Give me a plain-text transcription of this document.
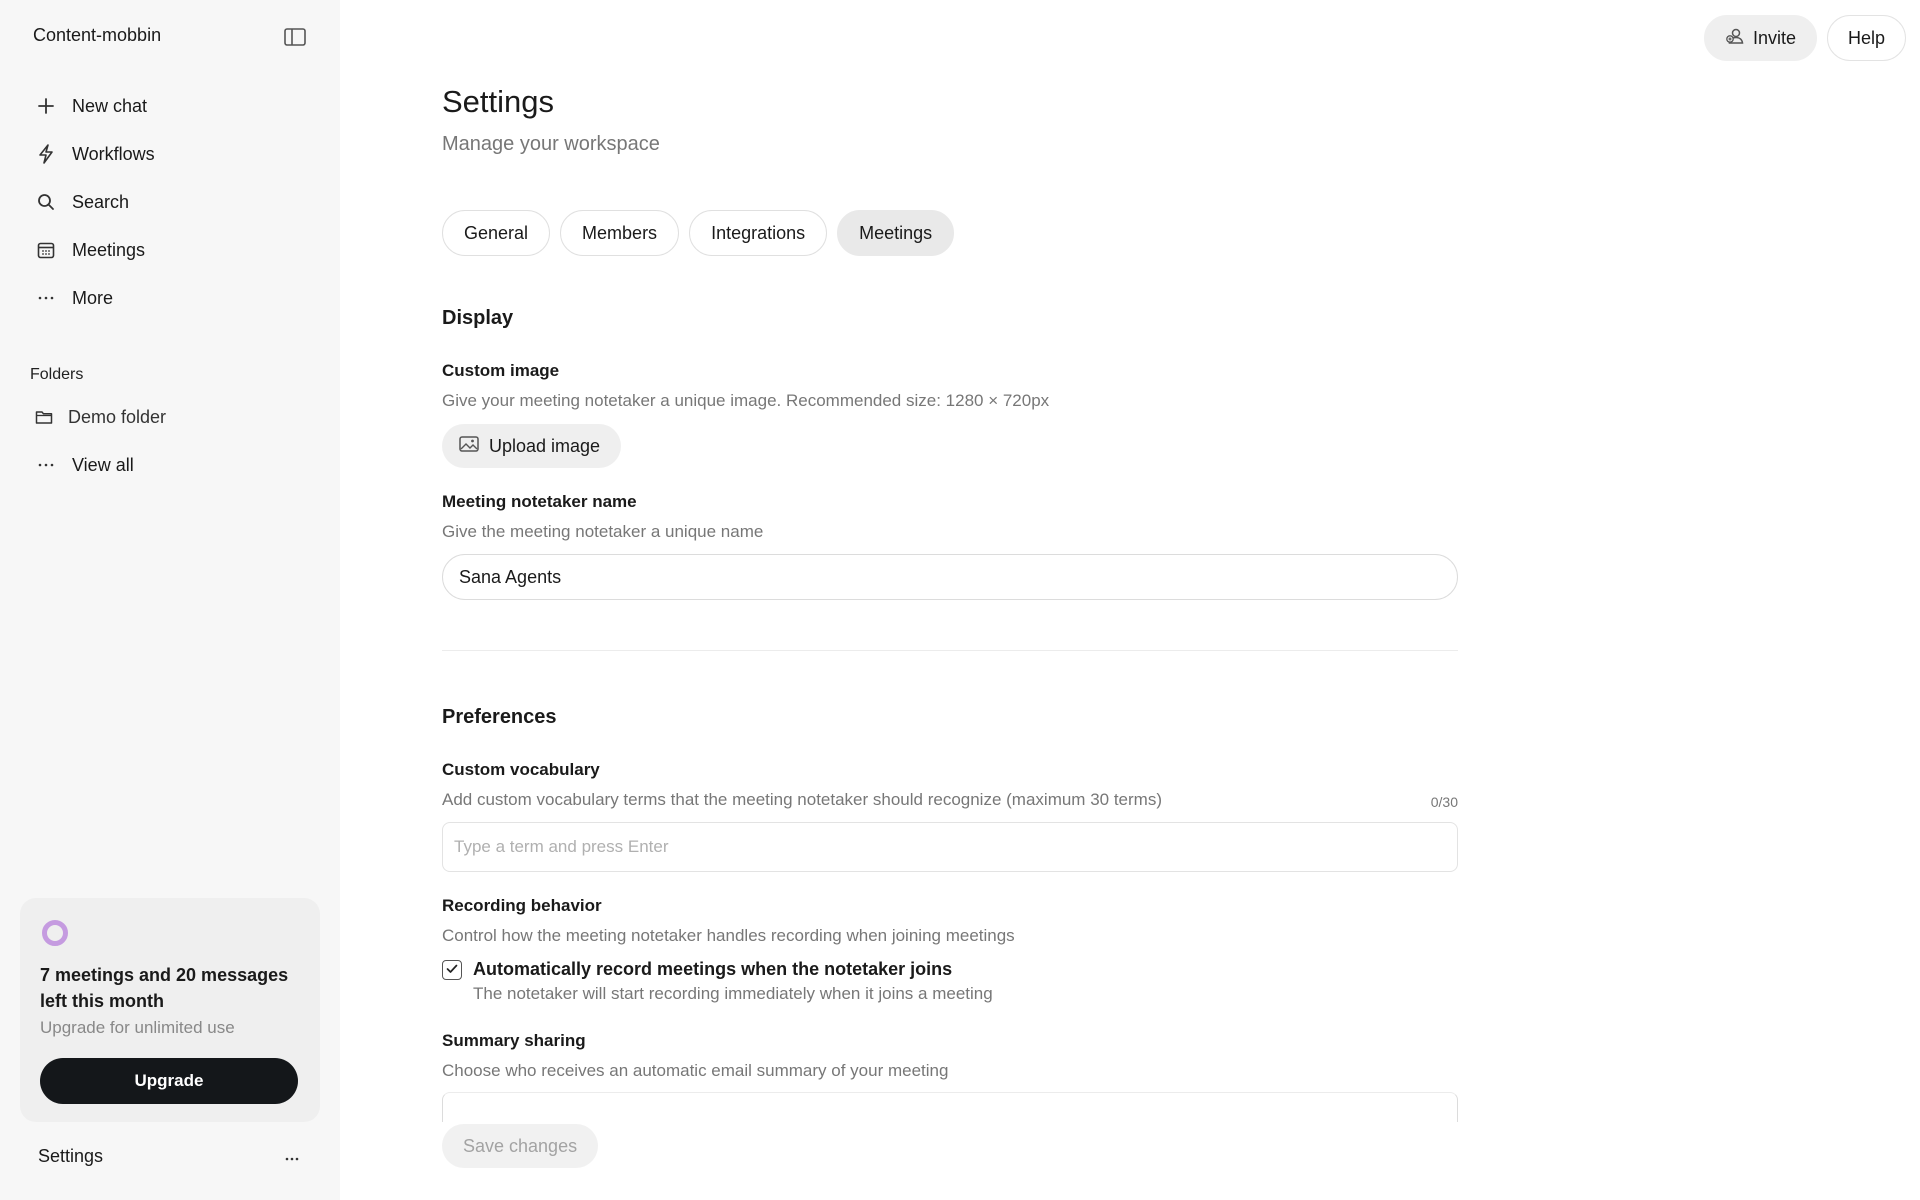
Content-mobbin
New chat
Workflows
Search
Meetings
More
Folders
Demo folder
View all
7 meetings and 20 messages left this month
Upgrade for unlimited use
Upgrade
Settings
Invite	Help
Settings
Manage your workspace
General	Members	Integrations	Meetings
Display
Custom image
Give your meeting notetaker a unique image. Recommended size: 1280 × 720px
Upload image
Meeting notetaker name
Give the meeting notetaker a unique name
Sana Agents
Preferences
Custom vocabulary
Add custom vocabulary terms that the meeting notetaker should recognize (maximum 30 terms)	0/30
Type a term and press Enter
Recording behavior
Control how the meeting notetaker handles recording when joining meetings
Automatically record meetings when the notetaker joins
The notetaker will start recording immediately when it joins a meeting
Summary sharing
Choose who receives an automatic email summary of your meeting
Save changes
